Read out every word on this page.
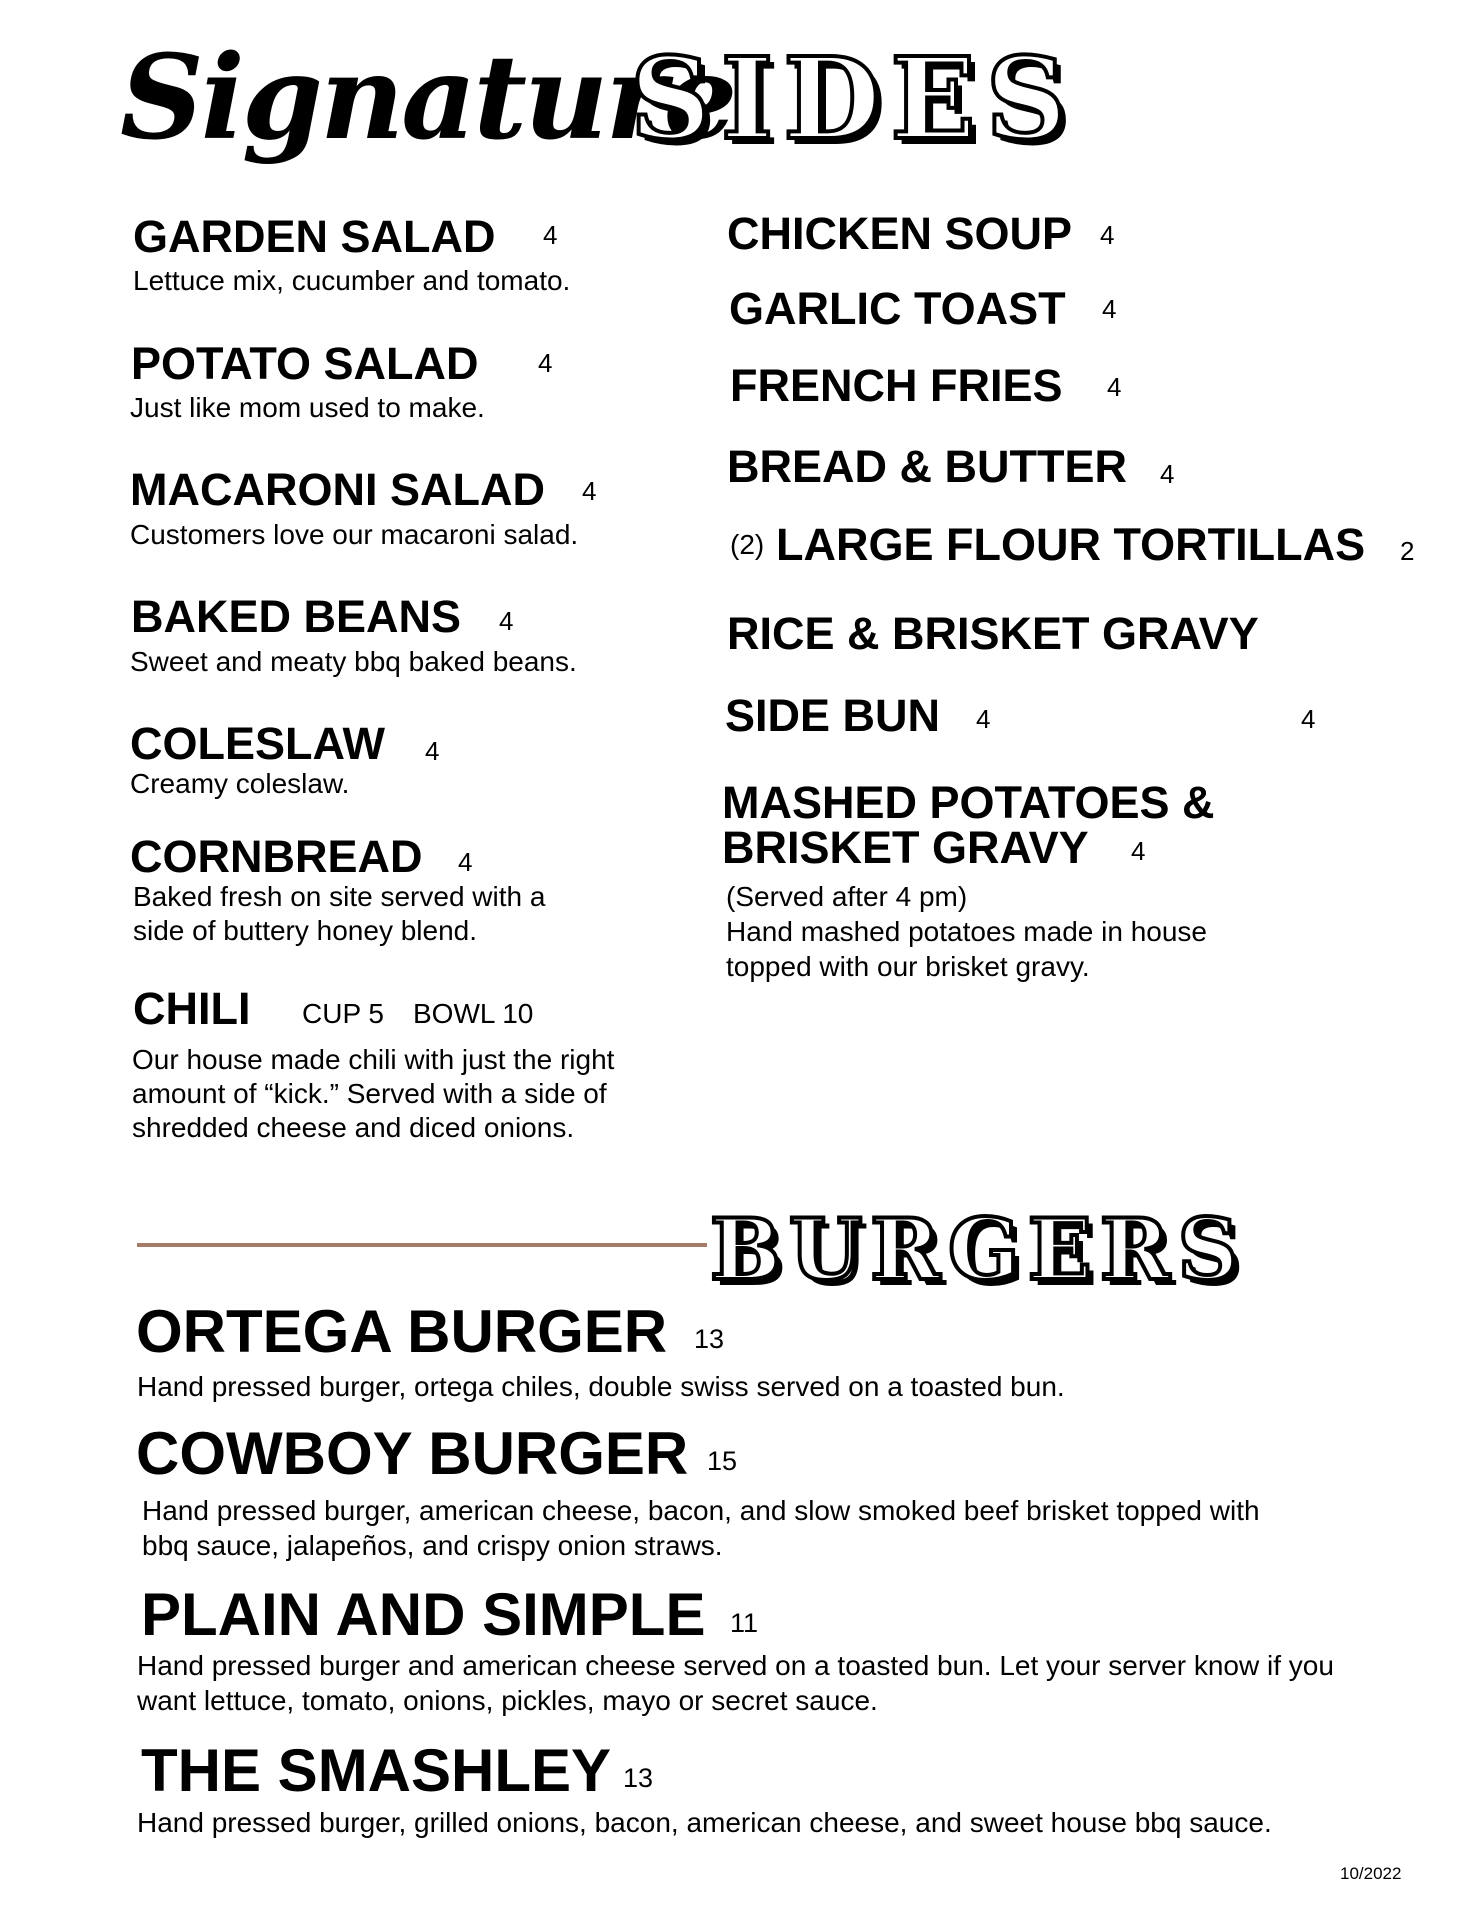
Signature
SIDES
GARDEN SALAD 4
Lettuce mix, cucumber and tomato.
POTATO SALAD 4
Just like mom used to make.
MACARONI SALAD 4
Customers love our macaroni salad.
BAKED BEANS 4
Sweet and meaty bbq baked beans.
COLESLAW 4
Creamy coleslaw.
CORNBREAD 4
Baked fresh on site served with a
side of buttery honey blend.
CHILI CUP 5 BOWL 10
Our house made chili with just the right
amount of “kick.” Served with a side of
shredded cheese and diced onions.
CHICKEN SOUP 4
GARLIC TOAST 4
FRENCH FRIES 4
BREAD & BUTTER 4
(2) LARGE FLOUR TORTILLAS 2
RICE & BRISKET GRAVY
SIDE BUN 4	4
MASHED POTATOES &
BRISKET GRAVY 4
(Served after 4 pm)
Hand mashed potatoes made in house
topped with our brisket gravy.
BURGERS
ORTEGA BURGER 13
Hand pressed burger, ortega chiles, double swiss served on a toasted bun.
COWBOY BURGER 15
Hand pressed burger, american cheese, bacon, and slow smoked beef brisket topped with
bbq sauce, jalapeños, and crispy onion straws.
PLAIN AND SIMPLE 11
Hand pressed burger and american cheese served on a toasted bun. Let your server know if you
want lettuce, tomato, onions, pickles, mayo or secret sauce.
THE SMASHLEY 13
Hand pressed burger, grilled onions, bacon, american cheese, and sweet house bbq sauce.
10/2022
